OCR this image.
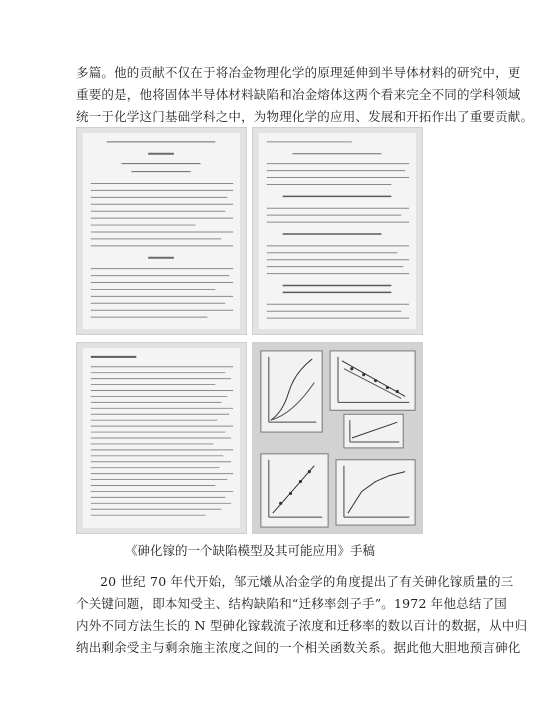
多篇。他的贡献不仅在于将冶金物理化学的原理延伸到半导体材料的研究中，更
重要的是，他将固体半导体材料缺陷和冶金熔体这两个看来完全不同的学科领域
统一于化学这门基础学科之中，为物理化学的应用、发展和开拓作出了重要贡献。
《砷化镓的一个缺陷模型及其可能应用》手稿
20 世纪 70 年代开始，邹元爔从冶金学的角度提出了有关砷化镓质量的三
个关键问题，即本知受主、结构缺陷和“迁移率刽子手”。1972 年他总结了国
内外不同方法生长的 N 型砷化镓载流子浓度和迁移率的数以百计的数据，从中归
纳出剩余受主与剩余施主浓度之间的一个相关函数关系。据此他大胆地预言砷化
